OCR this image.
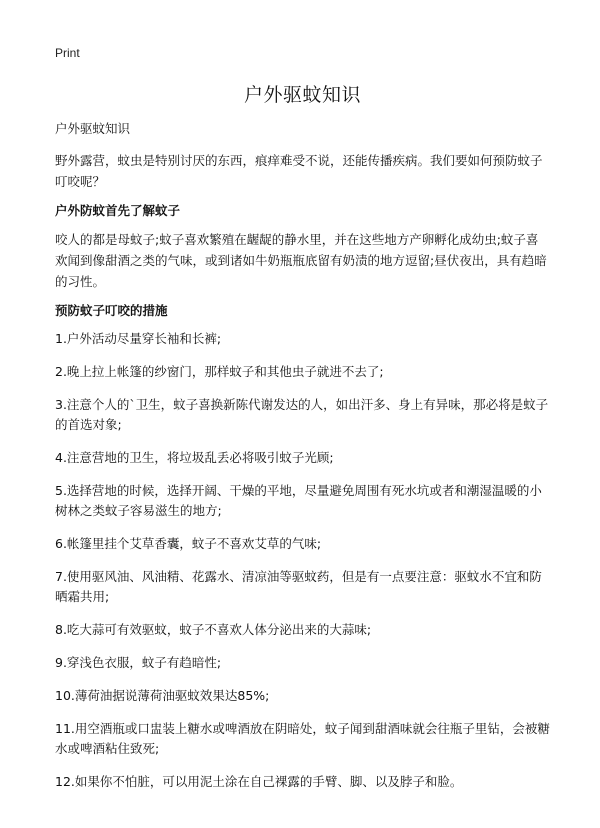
Print
户外驱蚊知识

户外驱蚊知识

野外露营，蚊虫是特别讨厌的东西，痕痒难受不说，还能传播疾病。我们要如何预防蚊子叮咬呢？

户外防蚊首先了解蚊子

咬人的都是母蚊子;蚊子喜欢繁殖在龌龊的静水里，并在这些地方产卵孵化成幼虫;蚊子喜欢闻到像甜酒之类的气味，或到诸如牛奶瓶瓶底留有奶渍的地方逗留;昼伏夜出，具有趋暗的习性。

预防蚊子叮咬的措施
1.户外活动尽量穿长袖和长裤;
2.晚上拉上帐篷的纱窗门，那样蚊子和其他虫子就进不去了;
3.注意个人的`卫生，蚊子喜换新陈代谢发达的人，如出汗多、身上有异味，那必将是蚊子的首选对象;
4.注意营地的卫生，将垃圾乱丢必将吸引蚊子光顾;
5.选择营地的时候，选择开阔、干燥的平地，尽量避免周围有死水坑或者和潮湿温暖的小树林之类蚊子容易滋生的地方;
6.帐篷里挂个艾草香囊，蚊子不喜欢艾草的气味;
7.使用驱风油、风油精、花露水、清凉油等驱蚊药，但是有一点要注意：驱蚊水不宜和防晒霜共用;
8.吃大蒜可有效驱蚊，蚊子不喜欢人体分泌出来的大蒜味;
9.穿浅色衣服，蚊子有趋暗性;
10.薄荷油据说薄荷油驱蚊效果达85%;
11.用空酒瓶或口盅装上糖水或啤酒放在阴暗处，蚊子闻到甜酒味就会往瓶子里钻，会被糖水或啤酒粘住致死;
12.如果你不怕脏，可以用泥土涂在自己裸露的手臂、脚、以及脖子和脸。
